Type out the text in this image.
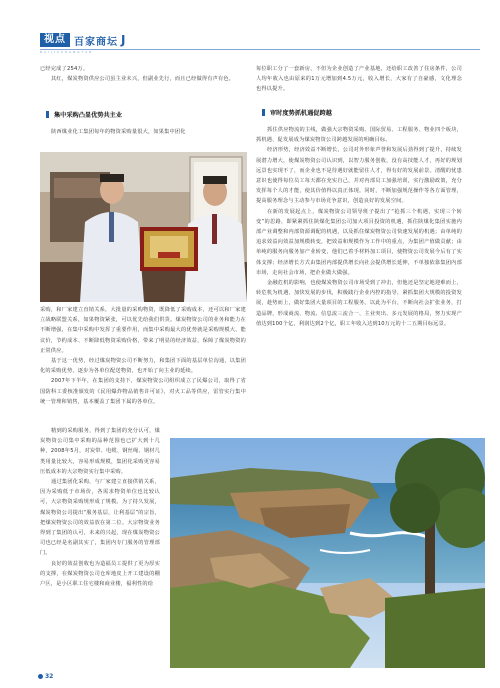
视点 百家商坛 J
BAIJIASHANGTAN

已经完成了254万。

其红，煤炭物资供应公司虽主业未兴，但副业先行，而且已经做得有声有色。

集中采购凸显优势共主业

陕西煤业化工集团每年的物资采购量很大，如果集中团化

采购，和厂家建立直销关系，大批量的采购物资，既降低了采购成本，还可以和厂家建立战略联盟关系，如果物资紧张，可以优先给我们供货。煤炭物资公司的业务和能力在不断增强，在集中采购中发挥了重要作用，而集中采购最大的优势就是采购规模大、能议价，节约成本、不断降低物资采购价格，带来了明显的经济效益，保障了煤炭物资的正常供应。

基于这一优势，经过煤炭物资公司不断努力，和集团下面的基层单位沟通，以集团化的采购优势，逐步为各单位配送物资，也开始了向主业的延续。

2007年下半年，在集团的支持下，煤炭物资公司组织成立了民爆公司，取得了省国防科工委核准颁发的《民用爆炸物品销售许可证》，对火工品等供应，雷管实行集中统一管理和销售，基本覆盖了集团下属的各单位。

精到的采购服务，得到了集团的充分认可，煤炭物资公司集中采购的品种范围也已扩大到十几种，2008年5月，对炭带、电缆、钢丝绳、钢材几类用量比较大，容易形成规模，集团化采购更容易压低成本的大宗物资实行集中采购。

通过集团化采购，与厂家建立直接供销关系，因为采购低于市场价，各需求物资单位也比较认可，大宗物资采购规形成了规模。为了持久发展，煤炭物资公司提出“服务基层，让利基层”的宗旨，把煤炭物资公司的效益放在第二位。大宗物资业务得到了集团的认可，未来的兴起，现在煤炭物资公司也已经是名副其实了，集团内专门服务的管理部门。

良好的效益创收也为造福员工提供了更为厚实的支撑，在煤炭物资公司仓库地皮上开工建设的棚户区，是小区职工住宅楼和商业楼，福利性的给

每位职工分了一套新房，不但为企业创造了产业基地，还给职工改善了住房条件，公司人均年收入也由原来的1万元增加到4.5万元，收入增长，大家有了自豪感，文化理念也得以提升。

审时度势抓机遇促跨越

抓住供应物流的主线，做强大宗物资采购、国际贸易、工程服务、物业四个板块，抓机遇、促发展成为煤炭物资公司跨越发展的明确目标。

经济形势，经济效益不断增长，公司对外形象声誉和发展后劲得到了提升，持续发展潜力增大，使煤炭物资公司认识到，以智力服务创收，没有高技能人才，再好的规划远景也实现不了，而企业也不是待遇好就能留住人才，得有好的发展前景。清醒的忧患意识也使得每位员工每天都在充实自己，并对内部员工加强培训，实行激励政策，充分发挥每个人的才能，使其价值得以真正体现。同时，不断加强规范操作等各方面管理，提高服务理念与主动参与市场竞争意识，创造良好的发展空间。

在新的发展起点上，煤炭物资公司领导班子提出了“抢抓三个机遇，实现三个转变”的思路，即紧紧抓住陕煤化集团公司加大项目投资的机遇，抓住陕煤化集团实施内部产业调整和内部资源调配的机遇，以及抓住煤炭物资公司快速发展的机遇；由单纯的追求效益向效益加规模转变，把效益和规模作为工作中的重点，为集团产值做贡献；由单纯的服务向服务加产业转变，他们已着手材料加工项目，使物资公司发展今后有了实体支撑；经济增长方式由集团内部提供增长向社会提供增长延伸，不单独依靠集团内部市场，走向社会市场，把企业做大做强。

金融危机的影响，也使煤炭物资公司市场受到了冲击，但他还是坚定地迎难而上，转危机为机遇，加快发展的步伐，积极践行企业内控的指导，紧抓集团大规模的投资发展，趁势而上，做好集团大量项目的工程服务。以此为平台，不断向社会扩张业务，打造品牌，形成商流、物流、信息流三流合一、主业突出、多元发展的格局，努力实现产值达到100个亿，利润达到2个亿，职工年收入达到10万元的十二五期目标远景。

32
